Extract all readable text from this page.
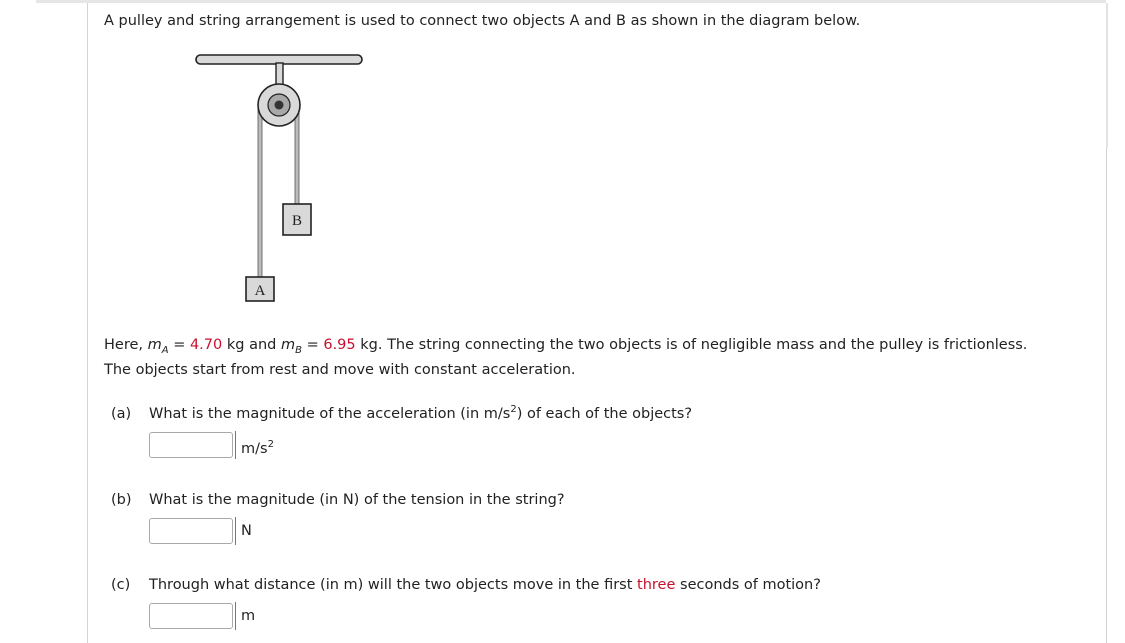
A pulley and string arrangement is used to connect two objects A and B as shown in the diagram below.
B
A
Here, $m_A = 4.70$ kg and $m_B = 6.95$ kg. The string connecting the two objects is of negligible mass and the pulley is frictionless.
The objects start from rest and move with constant acceleration.
(a) What is the magnitude of the acceleration (in $m/s^2$) of each of the objects?
$m/s^2$
(b) What is the magnitude (in N) of the tension in the string?
N
(c) Through what distance (in m) will the two objects move in the first three seconds of motion?
m
